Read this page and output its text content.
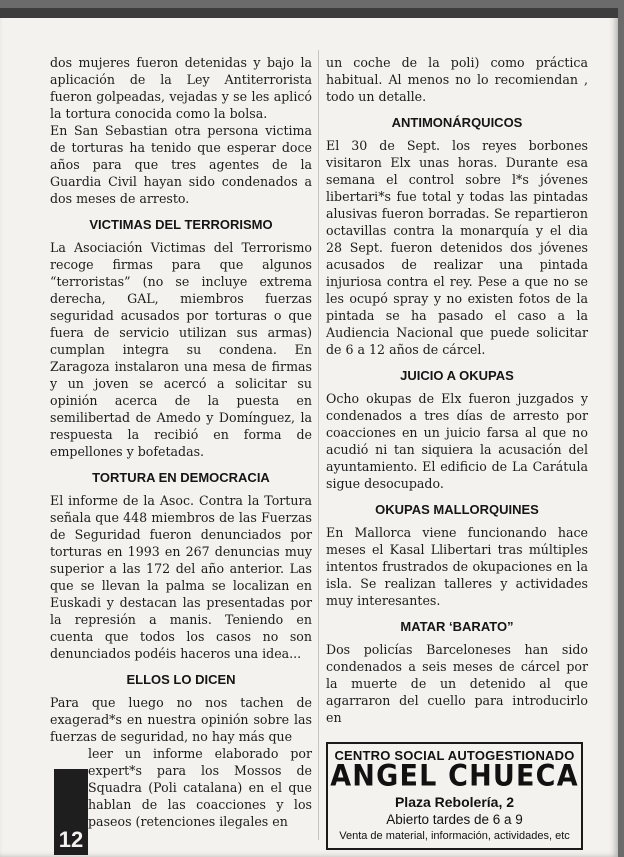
dos mujeres fueron detenidas y bajo la aplicación de la Ley Antiterrorista fueron golpeadas, vejadas y se les aplicó la tortura conocida como la bolsa.

En San Sebastian otra persona victima de torturas ha tenido que esperar doce años para que tres agentes de la Guardia Civil hayan sido condenados a dos meses de arresto.

VICTIMAS DEL TERRORISMO

La Asociación Victimas del Terrorismo recoge firmas para que algunos “terroristas” (no se incluye extrema derecha, GAL, miembros fuerzas seguridad acusados por torturas o que fuera de servicio utilizan sus armas) cumplan integra su condena. En Zaragoza instalaron una mesa de firmas y un joven se acercó a solicitar su opinión acerca de la puesta en semilibertad de Amedo y Domínguez, la respuesta la recibió en forma de empellones y bofetadas.

TORTURA EN DEMOCRACIA

El informe de la Asoc. Contra la Tortura señala que 448 miembros de las Fuerzas de Seguridad fueron denunciados por torturas en 1993 en 267 denuncias muy superior a las 172 del año anterior. Las que se llevan la palma se localizan en Euskadi y destacan las presentadas por la represión a manis. Teniendo en cuenta que todos los casos no son denunciados podéis haceros una idea...

ELLOS LO DICEN

Para que luego no nos tachen de exagerad*s en nuestra opinión sobre las fuerzas de seguridad, no hay más que

leer un informe elaborado por expert*s para los Mossos de Squadra (Poli catalana) en el que hablan de las coacciones y los paseos (retenciones ilegales en

un coche de la poli) como práctica habitual. Al menos no lo recomiendan , todo un detalle.

ANTIMONÁRQUICOS

El 30 de Sept. los reyes borbones visitaron Elx unas horas. Durante esa semana el control sobre l*s jóvenes libertari*s fue total y todas las pintadas alusivas fueron borradas. Se repartieron octavillas contra la monarquía y el dia 28 Sept. fueron detenidos dos jóvenes acusados de realizar una pintada injuriosa contra el rey. Pese a que no se les ocupó spray y no existen fotos de la pintada se ha pasado el caso a la Audiencia Nacional que puede solicitar de 6 a 12 años de cárcel.

JUICIO A OKUPAS

Ocho okupas de Elx fueron juzgados y condenados a tres días de arresto por coacciones en un juicio farsa al que no acudió ni tan siquiera la acusación del ayuntamiento. El edificio de La Carátula sigue desocupado.

OKUPAS MALLORQUINES

En Mallorca viene funcionando hace meses el Kasal Llibertari tras múltiples intentos frustrados de okupaciones en la isla. Se realizan talleres y actividades muy interesantes.

MATAR ‘BARATO”

Dos policías Barceloneses han sido condenados a seis meses de cárcel por la muerte de un detenido al que agarraron del cuello para introducirlo en

12
CENTRO SOCIAL AUTOGESTIONADO
ANGEL CHUECA
Plaza Rebolería, 2
Abierto tardes de 6 a 9
Venta de material, información, actividades, etc
